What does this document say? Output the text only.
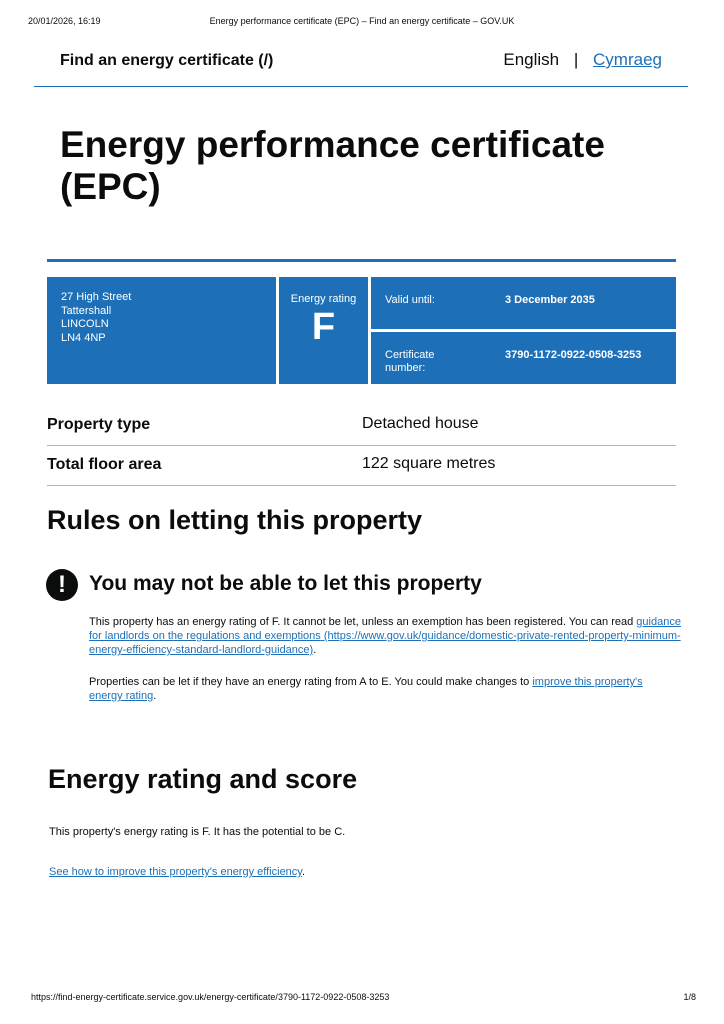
20/01/2026, 16:19	Energy performance certificate (EPC) – Find an energy certificate – GOV.UK
Find an energy certificate (/)	English | Cymraeg
Energy performance certificate (EPC)
27 High Street
Tattershall
LINCOLN
LN4 4NP
Energy rating
F
Valid until:	3 December 2035
Certificate number:
3790-1172-0922-0508-3253
Property type	Detached house
Total floor area	122 square metres
Rules on letting this property
!	You may not be able to let this property

This property has an energy rating of F. It cannot be let, unless an exemption has been registered. You can read guidance for landlords on the regulations and exemptions (https://www.gov.uk/guidance/domestic-private-rented-property-minimum-energy-efficiency-standard-landlord-guidance).

Properties can be let if they have an energy rating from A to E. You could make changes to improve this property's energy rating.

Energy rating and score

This property's energy rating is F. It has the potential to be C.

See how to improve this property's energy efficiency.

https://find-energy-certificate.service.gov.uk/energy-certificate/3790-1172-0922-0508-3253	1/8
